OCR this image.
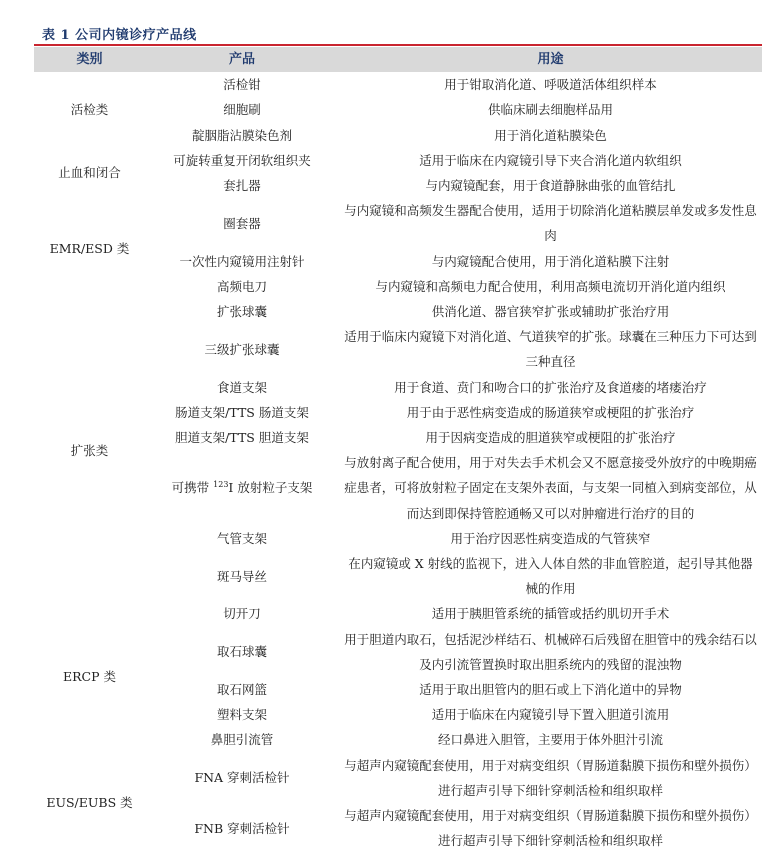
表 1 公司内镜诊疗产品线
类别	产品	用途
活检类	活检钳	用于钳取消化道、呼吸道活体组织样本
	细胞刷	供临床刷去细胞样品用
	靛胭脂沾膜染色剂	用于消化道粘膜染色
止血和闭合	可旋转重复开闭软组织夹	适用于临床在内窥镜引导下夹合消化道内软组织
	套扎器	与内窥镜配套，用于食道静脉曲张的血管结扎
EMR/ESD 类	圈套器	与内窥镜和高频发生器配合使用，适用于切除消化道粘膜层单发或多发性息肉
	一次性内窥镜用注射针	与内窥镜配合使用，用于消化道粘膜下注射
	高频电刀	与内窥镜和高频电力配合使用，利用高频电流切开消化道内组织
扩张类	扩张球囊	供消化道、器官狭窄扩张或辅助扩张治疗用
	三级扩张球囊	适用于临床内窥镜下对消化道、气道狭窄的扩张。球囊在三种压力下可达到三种直径
	食道支架	用于食道、贲门和吻合口的扩张治疗及食道瘘的堵瘘治疗
	肠道支架/TTS 肠道支架	用于由于恶性病变造成的肠道狭窄或梗阻的扩张治疗
	胆道支架/TTS 胆道支架	用于因病变造成的胆道狭窄或梗阻的扩张治疗
	可携带 $^{123}$I 放射粒子支架	与放射离子配合使用，用于对失去手术机会又不愿意接受外放疗的中晚期癌症患者，可将放射粒子固定在支架外表面，与支架一同植入到病变部位，从而达到即保持管腔通畅又可以对肿瘤进行治疗的目的
	气管支架	用于治疗因恶性病变造成的气管狭窄
	斑马导丝	在内窥镜或 X 射线的监视下，进入人体自然的非血管腔道，起引导其他器械的作用
ERCP 类	切开刀	适用于胰胆管系统的插管或括约肌切开手术
	取石球囊	用于胆道内取石，包括泥沙样结石、机械碎石后残留在胆管中的残余结石以及内引流管置换时取出胆系统内的残留的混浊物
	取石网篮	适用于取出胆管内的胆石或上下消化道中的异物
	塑料支架	适用于临床在内窥镜引导下置入胆道引流用
	鼻胆引流管	经口鼻进入胆管，主要用于体外胆汁引流
EUS/EUBS 类	FNA 穿刺活检针	与超声内窥镜配套使用，用于对病变组织（胃肠道黏膜下损伤和壁外损伤）进行超声引导下细针穿刺活检和组织取样
	FNB 穿刺活检针	与超声内窥镜配套使用，用于对病变组织（胃肠道黏膜下损伤和壁外损伤）进行超声引导下细针穿刺活检和组织取样
